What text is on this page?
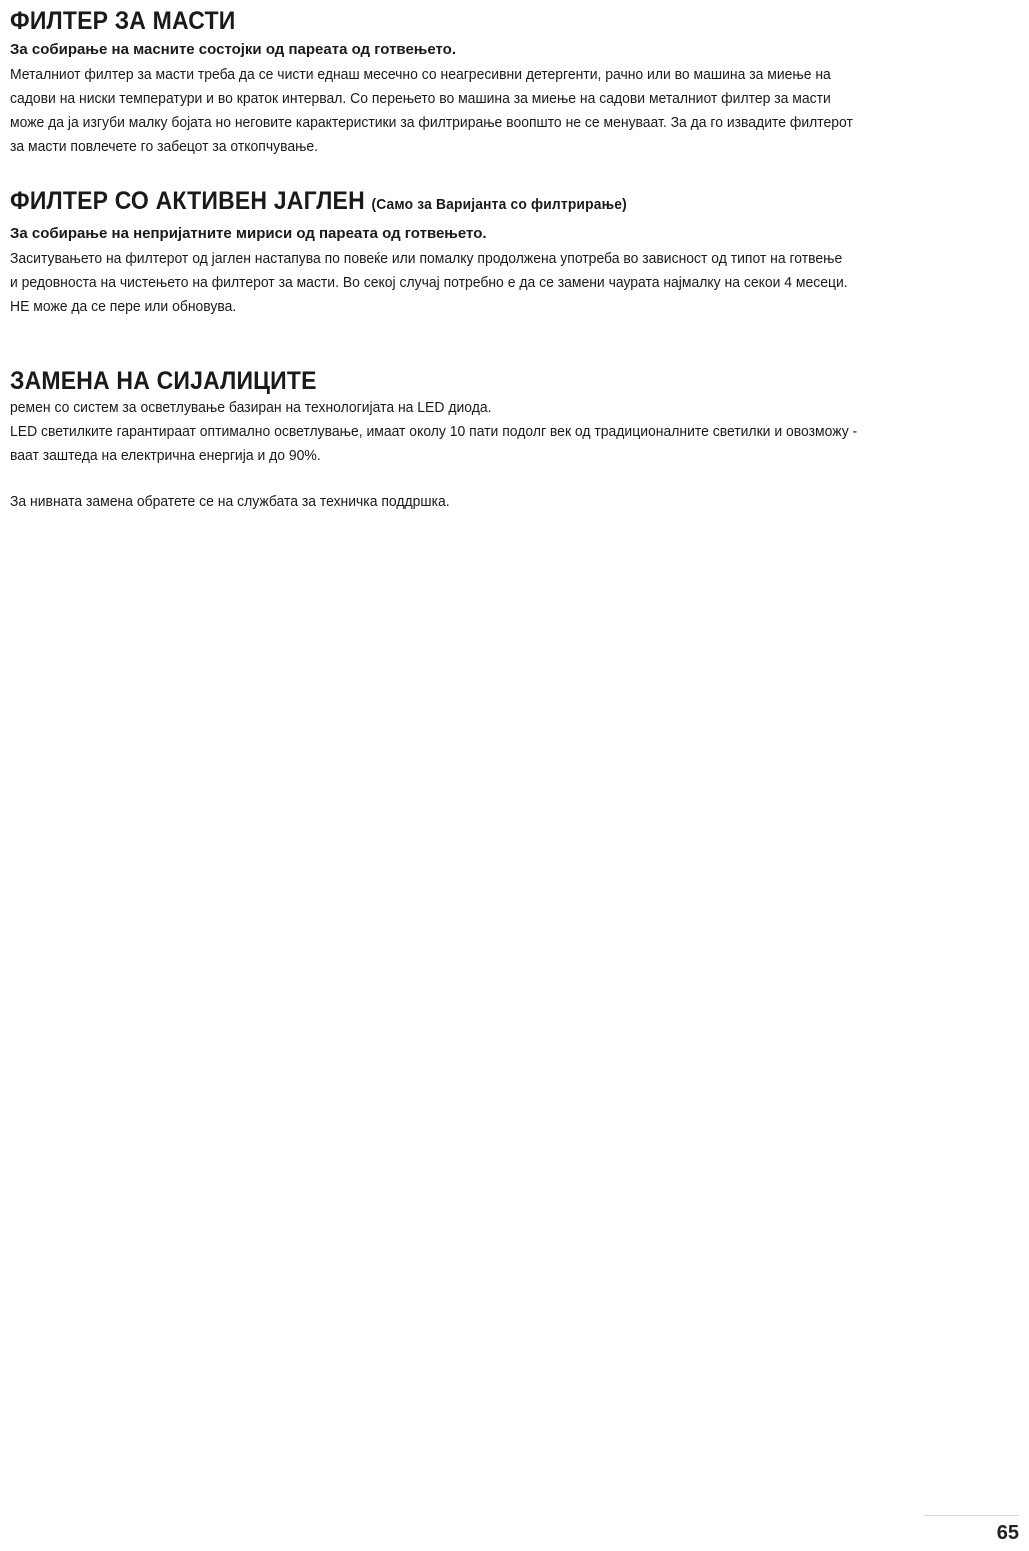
ФИЛТЕР ЗА МАСТИ
За собирање на масните состојки од пареата од готвењето.
Металниот филтер за масти треба да се чисти еднаш месечно со неагресивни детергенти, рачно или во машина за миење на
садови на ниски температури и во краток интервал. Со перењето во машина за миење на садови металниот филтер за масти
може да ја изгуби малку бојата но неговите карактеристики за филтрирање воопшто не се менуваат. За да го извадите филтерот
за масти повлечете го забецот за откопчување.
ФИЛТЕР СО АКТИВЕН ЈАГЛЕН (Само за Варијанта со филтрирање)
За собирање на непријатните мириси од пареата од готвењето.
Заситувањето на филтерот од јаглен настапува по повеќе или помалку продолжена употреба во зависност од типот на готвење
и редовноста на чистењето на филтерот за масти. Во секој случај потребно е да се замени чаурата најмалку на секои 4 месеци.
НЕ може да се пере или обновува.
ЗАМЕНА НА СИЈАЛИЦИТЕ
ремен со систем за осветлување базиран на технологијата на LED диода.
LED светилките гарантираат оптимално осветлување, имаат околу 10 пати подолг век од традиционалните светилки и овозможу -
ваат заштеда на електрична енергија и до 90%.
За нивната замена обратете се на службата за техничка поддршка.
65
